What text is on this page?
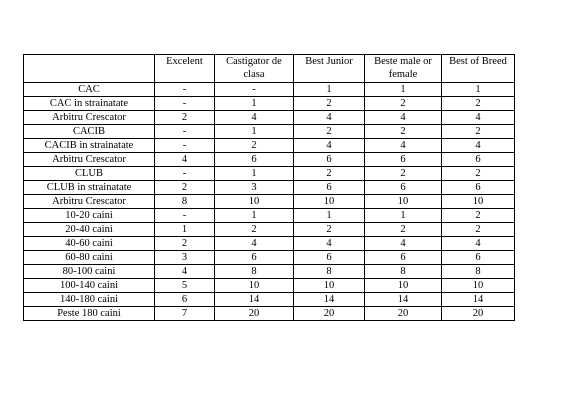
	Excelent	Castigator de clasa	Best Junior	Beste male or female	Best of Breed
CAC	-	-	1	1	1
CAC in strainatate	-	1	2	2	2
Arbitru Crescator	2	4	4	4	4
CACIB	-	1	2	2	2
CACIB in strainatate	-	2	4	4	4
Arbitru Crescator	4	6	6	6	6
CLUB	-	1	2	2	2
CLUB in strainatate	2	3	6	6	6
Arbitru Crescator	8	10	10	10	10
10-20 caini	-	1	1	1	2
20-40 caini	1	2	2	2	2
40-60 caini	2	4	4	4	4
60-80 caini	3	6	6	6	6
80-100 caini	4	8	8	8	8
100-140 caini	5	10	10	10	10
140-180 caini	6	14	14	14	14
Peste 180 caini	7	20	20	20	20
